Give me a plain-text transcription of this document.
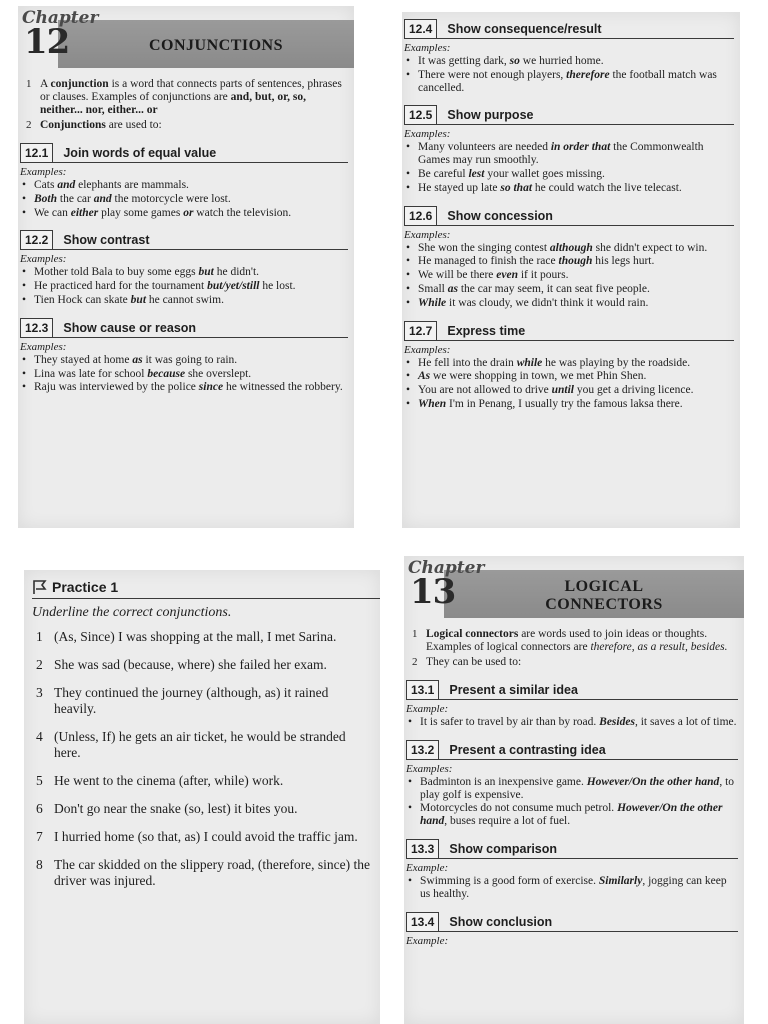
Chapter
12	CONJUNCTIONS
1 A conjunction is a word that connects parts of sentences, phrases or clauses. Examples of conjunctions are and, but, or, so, neither... nor, either... or
2 Conjunctions are used to:
12.1	Join words of equal value
Examples:
• Cats and elephants are mammals.
• Both the car and the motorcycle were lost.
• We can either play some games or watch the television.
12.2	Show contrast
Examples:
• Mother told Bala to buy some eggs but he didn't.
• He practiced hard for the tournament but/yet/still he lost.
• Tien Hock can skate but he cannot swim.
12.3	Show cause or reason
Examples:
• They stayed at home as it was going to rain.
• Lina was late for school because she overslept.
• Raju was interviewed by the police since he witnessed the robbery.
12.4	Show consequence/result
Examples:
• It was getting dark, so we hurried home.
• There were not enough players, therefore the football match was cancelled.
12.5	Show purpose
Examples:
• Many volunteers are needed in order that the Commonwealth Games may run smoothly.
• Be careful lest your wallet goes missing.
• He stayed up late so that he could watch the live telecast.
12.6	Show concession
Examples:
• She won the singing contest although she didn't expect to win.
• He managed to finish the race though his legs hurt.
• We will be there even if it pours.
• Small as the car may seem, it can seat five people.
• While it was cloudy, we didn't think it would rain.
12.7	Express time
Examples:
• He fell into the drain while he was playing by the roadside.
• As we were shopping in town, we met Phin Shen.
• You are not allowed to drive until you get a driving licence.
• When I'm in Penang, I usually try the famous laksa there.
Practice 1
Underline the correct conjunctions.
1 (As, Since) I was shopping at the mall, I met Sarina.
2 She was sad (because, where) she failed her exam.
3 They continued the journey (although, as) it rained heavily.
4 (Unless, If) he gets an air ticket, he would be stranded here.
5 He went to the cinema (after, while) work.
6 Don't go near the snake (so, lest) it bites you.
7 I hurried home (so that, as) I could avoid the traffic jam.
8 The car skidded on the slippery road, (therefore, since) the driver was injured.
Chapter
13	LOGICAL
CONNECTORS
1 Logical connectors are words used to join ideas or thoughts. Examples of logical connectors are therefore, as a result, besides.
2 They can be used to:
13.1	Present a similar idea
Example:
• It is safer to travel by air than by road. Besides, it saves a lot of time.
13.2	Present a contrasting idea
Examples:
• Badminton is an inexpensive game. However/On the other hand, to play golf is expensive.
• Motorcycles do not consume much petrol. However/On the other hand, buses require a lot of fuel.
13.3	Show comparison
Example:
• Swimming is a good form of exercise. Similarly, jogging can keep us healthy.
13.4	Show conclusion
Example:
